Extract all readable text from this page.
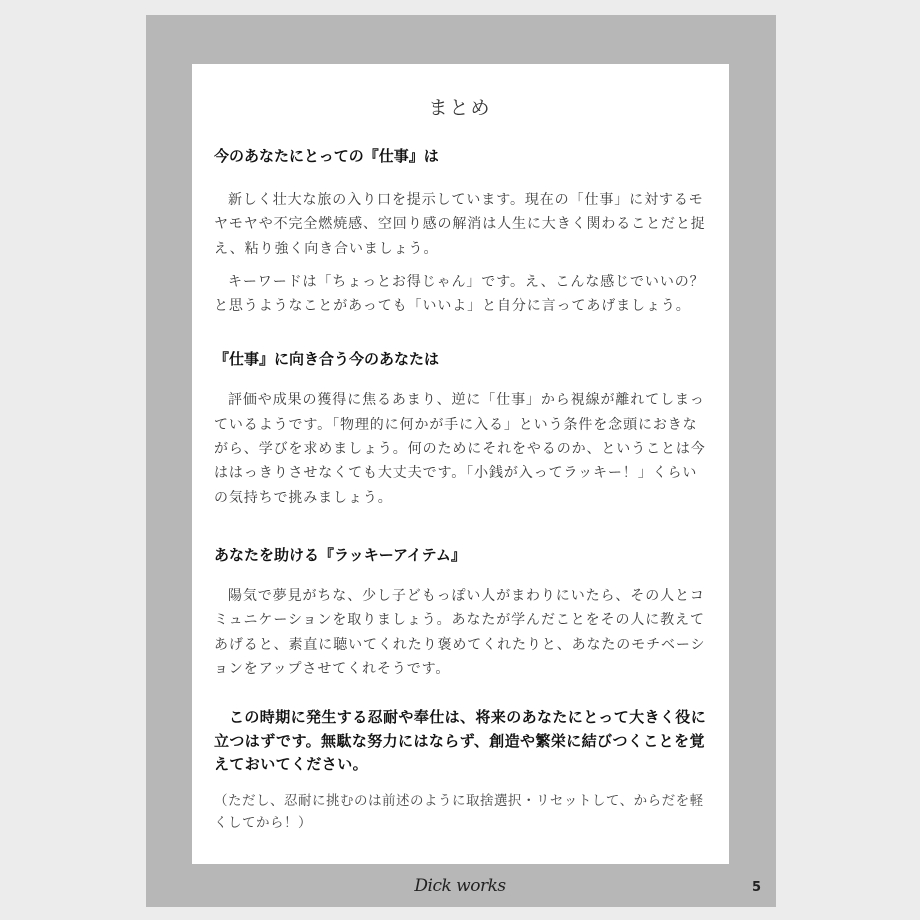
まとめ
今のあなたにとっての『仕事』は

新しく壮大な旅の入り口を提示しています。現在の「仕事」に対するモヤモヤや不完全燃焼感、空回り感の解消は人生に大きく関わることだと捉え、粘り強く向き合いましょう。

キーワードは「ちょっとお得じゃん」です。え、こんな感じでいいの？と思うようなことがあっても「いいよ」と自分に言ってあげましょう。

『仕事』に向き合う今のあなたは

評価や成果の獲得に焦るあまり、逆に「仕事」から視線が離れてしまっているようです。「物理的に何かが手に入る」という条件を念頭におきながら、学びを求めましょう。何のためにそれをやるのか、ということは今ははっきりさせなくても大丈夫です。「小銭が入ってラッキー！」くらいの気持ちで挑みましょう。

あなたを助ける『ラッキーアイテム』

陽気で夢見がちな、少し子どもっぽい人がまわりにいたら、その人とコミュニケーションを取りましょう。あなたが学んだことをその人に教えてあげると、素直に聴いてくれたり褒めてくれたりと、あなたのモチベーションをアップさせてくれそうです。

この時期に発生する忍耐や奉仕は、将来のあなたにとって大きく役に立つはずです。無駄な努力にはならず、創造や繁栄に結びつくことを覚えておいてください。

（ただし、忍耐に挑むのは前述のように取捨選択・リセットして、からだを軽くしてから！）

Dick works	5
